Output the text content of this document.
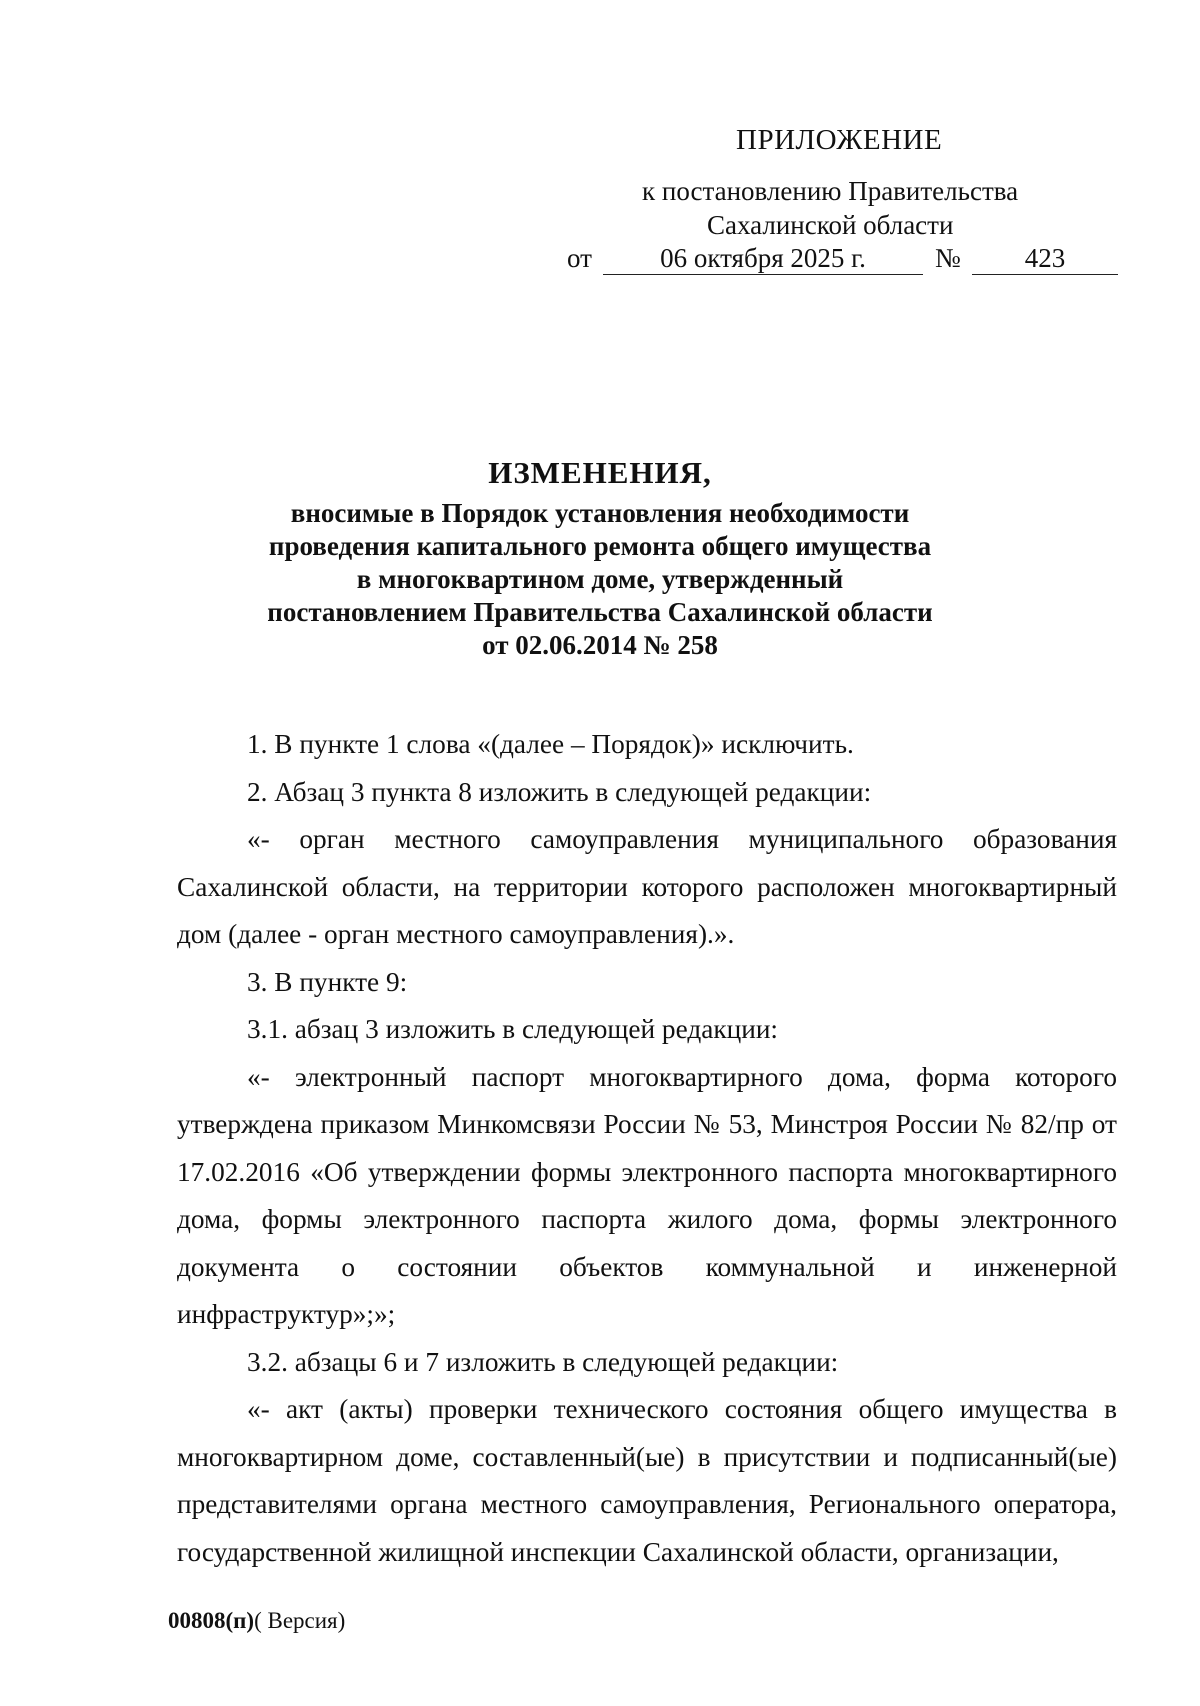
ПРИЛОЖЕНИЕ
к постановлению Правительства
Сахалинской области
от	06 октября 2025 г.	№	423
ИЗМЕНЕНИЯ,
вносимые в Порядок установления необходимости
проведения капитального ремонта общего имущества
в многоквартином доме, утвержденный
постановлением Правительства Сахалинской области
от 02.06.2014 № 258

1. В пункте 1 слова «(далее – Порядок)» исключить.

2. Абзац 3 пункта 8 изложить в следующей редакции:

«- орган местного самоуправления муниципального образования Сахалинской области, на территории которого расположен многоквартирный дом (далее - орган местного самоуправления).».

3. В пункте 9:

3.1. абзац 3 изложить в следующей редакции:

«- электронный паспорт многоквартирного дома, форма которого утверждена приказом Минкомсвязи России № 53, Минстроя России № 82/пр от 17.02.2016 «Об утверждении формы электронного паспорта многоквартирного дома, формы электронного паспорта жилого дома, формы электронного документа о состоянии объектов коммунальной и инженерной инфраструктур»;»;

3.2. абзацы 6 и 7 изложить в следующей редакции:

«- акт (акты) проверки технического состояния общего имущества в многоквартирном доме, составленный(ые) в присутствии и подписанный(ые) представителями органа местного самоуправления, Регионального оператора, государственной жилищной инспекции Сахалинской области, организации,

00808(п)( Версия)
